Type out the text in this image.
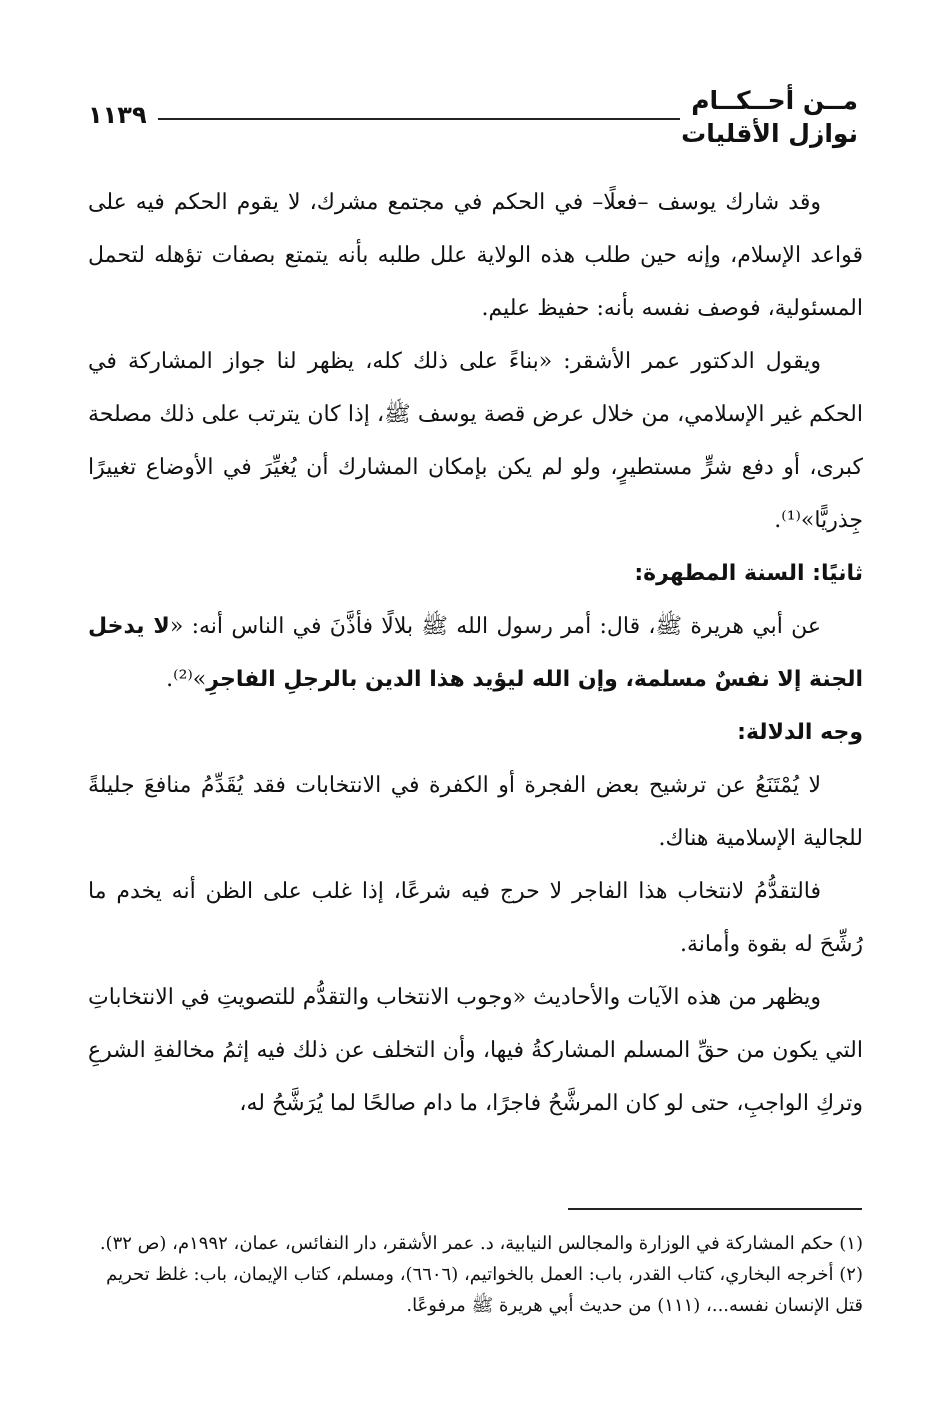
مــن أحــكــام
نوازل الأقليات
١١٣٩

وقد شارك يوسف –فعلًا– في الحكم في مجتمع مشرك، لا يقوم الحكم فيه على قواعد الإسلام، وإنه حين طلب هذه الولاية علل طلبه بأنه يتمتع بصفات تؤهله لتحمل المسئولية، فوصف نفسه بأنه: حفيظ عليم.

ويقول الدكتور عمر الأشقر: «بناءً على ذلك كله، يظهر لنا جواز المشاركة في الحكم غير الإسلامي، من خلال عرض قصة يوسف ﷺ، إذا كان يترتب على ذلك مصلحة كبرى، أو دفع شرٍّ مستطيرٍ، ولو لم يكن بإمكان المشارك أن يُغيِّرَ في الأوضاع تغييرًا جِذريًّا»⁽¹⁾.

ثانيًا: السنة المطهرة:

عن أبي هريرة ﷺ، قال: أمر رسول الله ﷺ بلالًا فأذَّنَ في الناس أنه: «لا يدخل الجنة إلا نفسٌ مسلمة، وإن الله ليؤيد هذا الدين بالرجلِ الفاجرِ»⁽²⁾.

وجه الدلالة:

لا يُمْتَنَعُ عن ترشيح بعض الفجرة أو الكفرة في الانتخابات فقد يُقَدِّمُ منافعَ جليلةً للجالية الإسلامية هناك.

فالتقدُّمُ لانتخاب هذا الفاجر لا حرج فيه شرعًا، إذا غلب على الظن أنه يخدم ما رُشِّحَ له بقوة وأمانة.

ويظهر من هذه الآيات والأحاديث «وجوب الانتخاب والتقدُّم للتصويتِ في الانتخاباتِ التي يكون من حقِّ المسلم المشاركةُ فيها، وأن التخلف عن ذلك فيه إثمُ مخالفةِ الشرعِ وتركِ الواجبِ، حتى لو كان المرشَّحُ فاجرًا، ما دام صالحًا لما يُرَشَّحُ له،

(١) حكم المشاركة في الوزارة والمجالس النيابية، د. عمر الأشقر، دار النفائس، عمان، ١٩٩٢م، (ص ٣٢).

(٢) أخرجه البخاري، كتاب القدر، باب: العمل بالخواتيم، (٦٦٠٦)، ومسلم، كتاب الإيمان، باب: غلظ تحريم قتل الإنسان نفسه...، (١١١) من حديث أبي هريرة ﷺ مرفوعًا.
